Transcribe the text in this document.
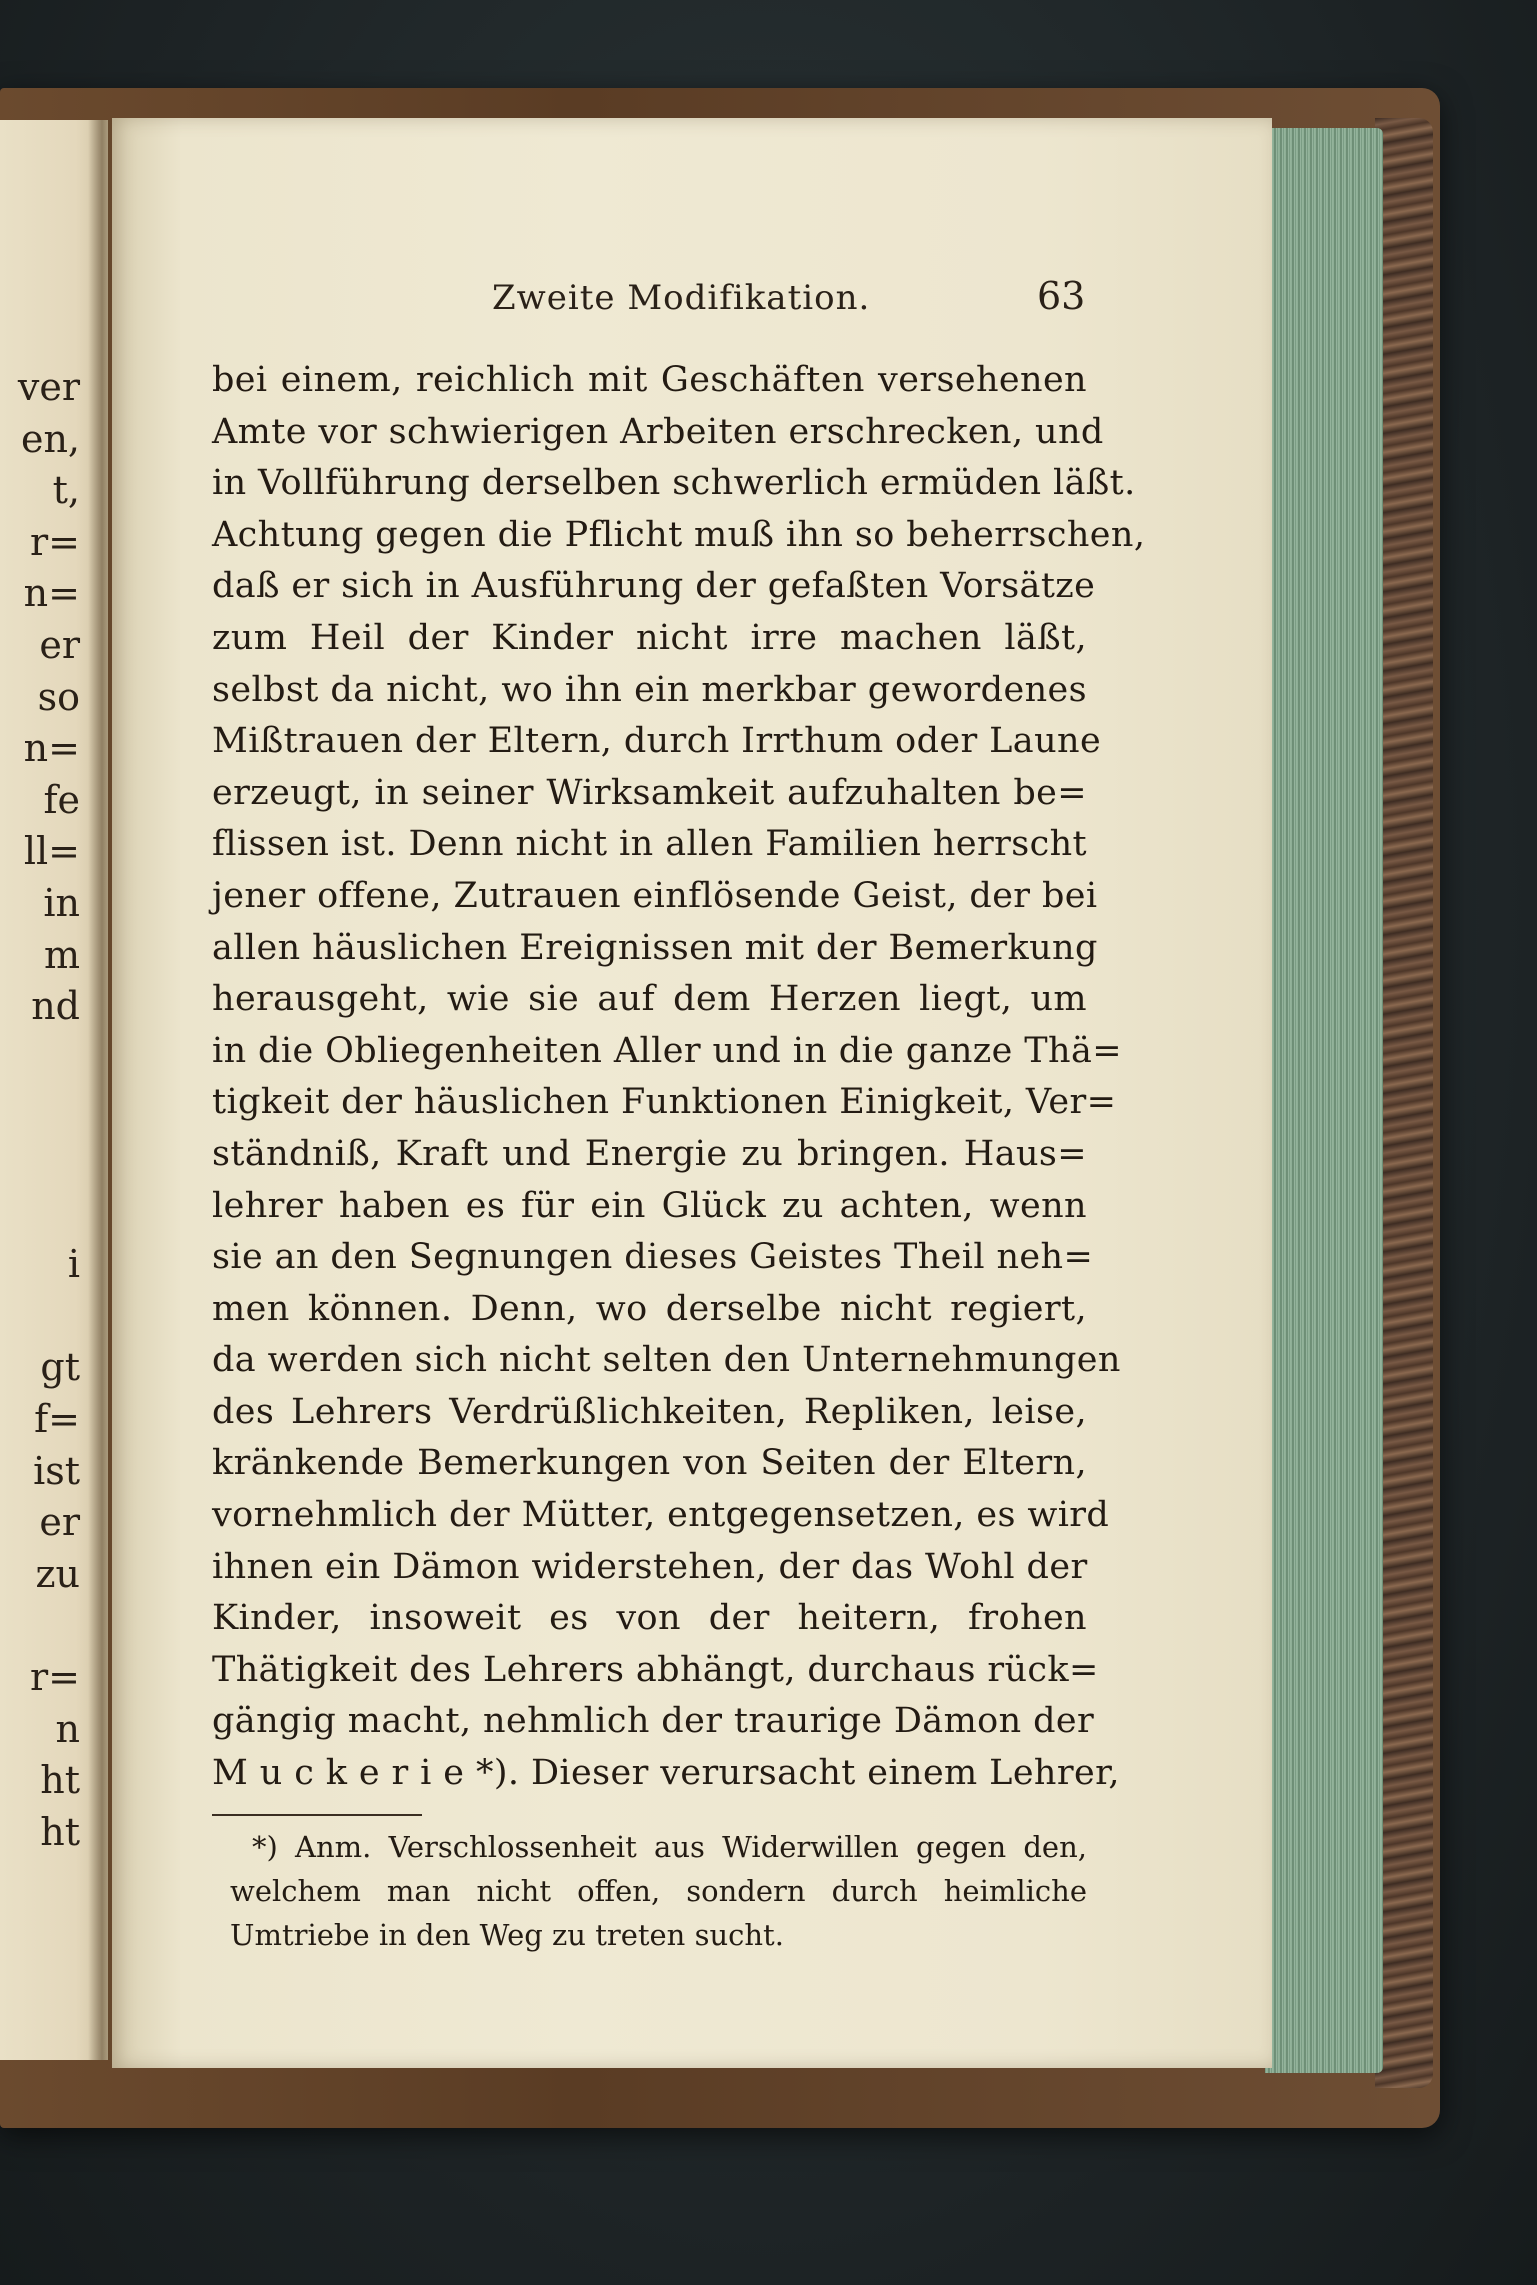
ver
en,
t,
r=
n=
er
so
n=
fe
ll=
in
m
nd
i
gt
f=
ist
er
zu
r=
n
ht
ht
Zweite Modifikation.	63
bei einem, reichlich mit Geschäften versehenen
Amte vor schwierigen Arbeiten erschrecken, und
in Vollführung derselben schwerlich ermüden läßt.
Achtung gegen die Pflicht muß ihn so beherrschen,
daß er sich in Ausführung der gefaßten Vorsätze
zum Heil der Kinder nicht irre machen läßt,
selbst da nicht, wo ihn ein merkbar gewordenes
Mißtrauen der Eltern, durch Irrthum oder Laune
erzeugt, in seiner Wirksamkeit aufzuhalten be=
flissen ist. Denn nicht in allen Familien herrscht
jener offene, Zutrauen einflösende Geist, der bei
allen häuslichen Ereignissen mit der Bemerkung
herausgeht, wie sie auf dem Herzen liegt, um
in die Obliegenheiten Aller und in die ganze Thä=
tigkeit der häuslichen Funktionen Einigkeit, Ver=
ständniß, Kraft und Energie zu bringen. Haus=
lehrer haben es für ein Glück zu achten, wenn
sie an den Segnungen dieses Geistes Theil neh=
men können. Denn, wo derselbe nicht regiert,
da werden sich nicht selten den Unternehmungen
des Lehrers Verdrüßlichkeiten, Repliken, leise,
kränkende Bemerkungen von Seiten der Eltern,
vornehmlich der Mütter, entgegensetzen, es wird
ihnen ein Dämon widerstehen, der das Wohl der
Kinder, insoweit es von der heitern, frohen
Thätigkeit des Lehrers abhängt, durchaus rück=
gängig macht, nehmlich der traurige Dämon der
M u c k e r i e *). Dieser verursacht einem Lehrer,
*) Anm. Verschlossenheit aus Widerwillen gegen den,
welchem man nicht offen, sondern durch heimliche
Umtriebe in den Weg zu treten sucht.
